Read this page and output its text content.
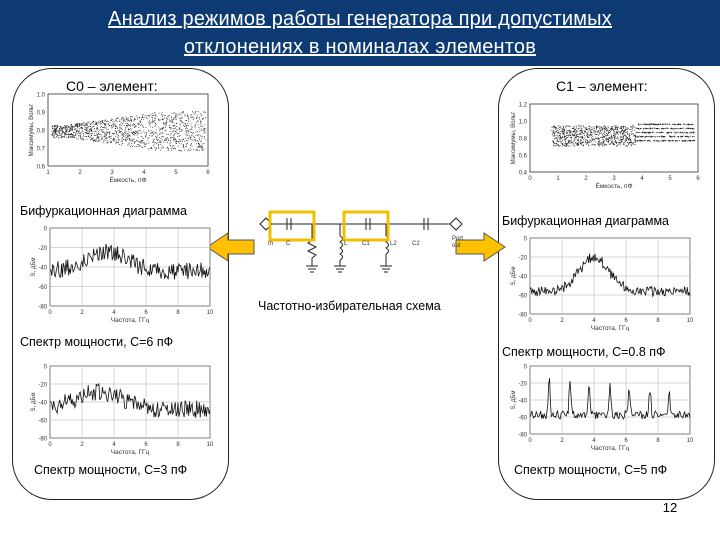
Анализ режимов работы генератора при допустимых
отклонениях в номиналах элементов
С0 – элемент:	С1 – элемент:
Бифуркационная диаграмма
Бифуркационная диаграмма
Спектр мощности, С=6 пФ
Спектр мощности, С=0.8 пФ
Спектр мощности, С=3 пФ	Спектр мощности, С=5 пФ
Частотно-избирательная схема
12
In C	L C1	L2	C2
Port
out
1.0
0.9
0.8
0.7
0.6
1	2	3	4	5	6
Ёмкость, пФ
Максимумы, Вольт	1.2
1.0
0.8
0.6
0.4
0	1	2	3	4	5	6
Ёмкость, пФ
Максимумы, Вольт
0
-20
-40
-60
-80
0	2	4	6	8	10
Частота, ГГц
S, дБм
0
-20
-40
-60
-80
0	2	4	6	8	10
Частота, ГГц
S, дБм
0
-20
-40
-60
-80
0	2	4	6	8	10
Частота, ГГц
S, дБм
0
-20
-40
-60
-80
0	2	4	6	8	10
Частота, ГГц
S, дБм
